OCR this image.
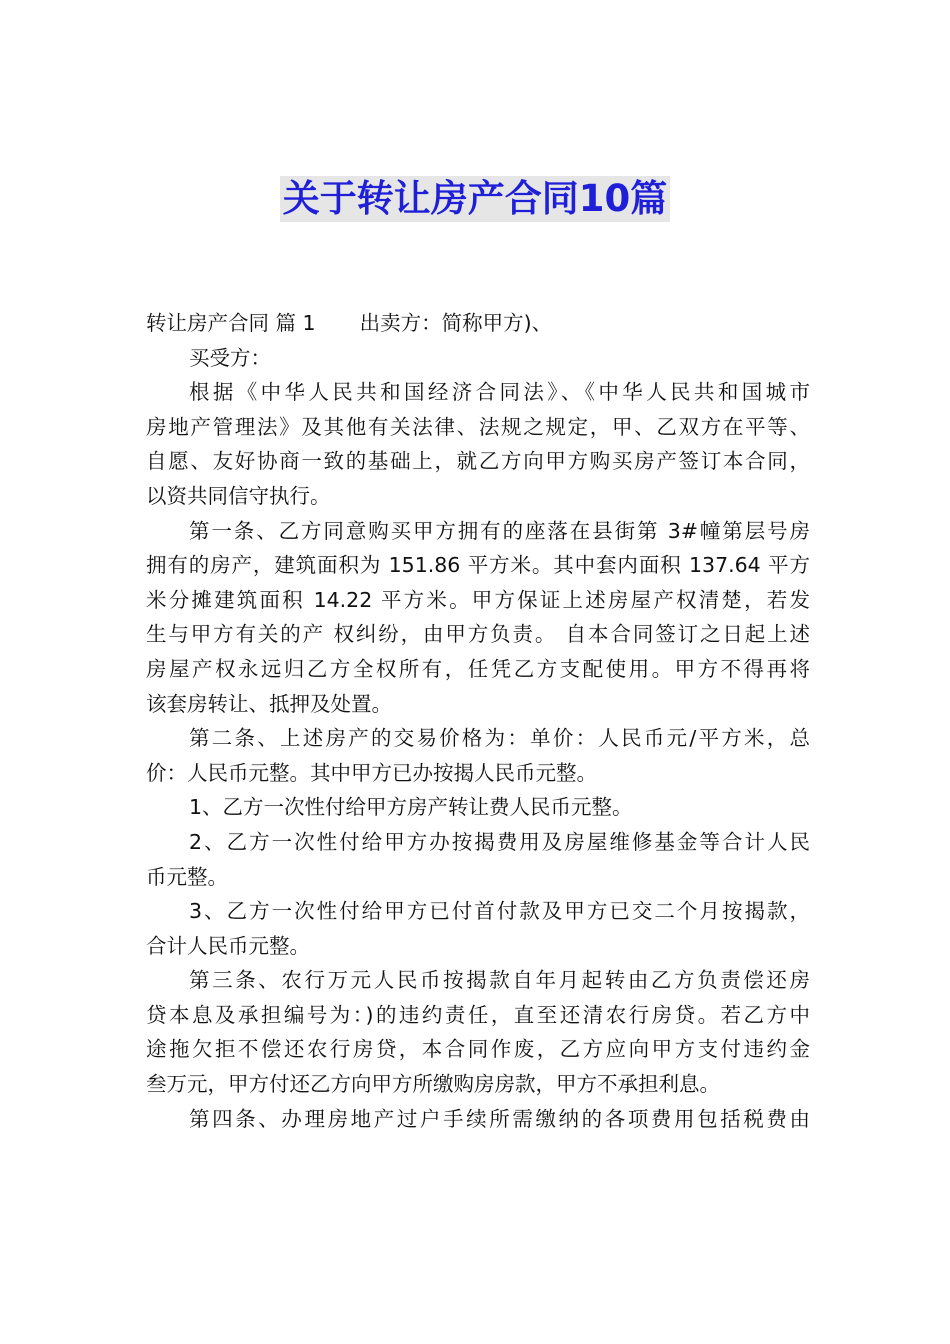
关于转让房产合同10篇
转让房产合同 篇 1 出卖方：简称甲方)、
买受方：
根据《中华人民共和国经济合同法》、《中华人民共和国城市
房地产管理法》及其他有关法律、法规之规定，甲、乙双方在平等、
自愿、友好协商一致的基础上，就乙方向甲方购买房产签订本合同，
以资共同信守执行。
第一条、乙方同意购买甲方拥有的座落在县街第 3#幢第层号房
拥有的房产，建筑面积为 151.86 平方米。其中套内面积 137.64 平方
米分摊建筑面积 14.22 平方米。甲方保证上述房屋产权清楚，若发
生与甲方有关的产 权纠纷，由甲方负责。 自本合同签订之日起上述
房屋产权永远归乙方全权所有，任凭乙方支配使用。甲方不得再将
该套房转让、抵押及处置。
第二条、上述房产的交易价格为：单价：人民币元/平方米，总
价：人民币元整。其中甲方已办按揭人民币元整。
1、乙方一次性付给甲方房产转让费人民币元整。
2、乙方一次性付给甲方办按揭费用及房屋维修基金等合计人民
币元整。
3、乙方一次性付给甲方已付首付款及甲方已交二个月按揭款，
合计人民币元整。
第三条、农行万元人民币按揭款自年月起转由乙方负责偿还房
贷本息及承担编号为：)的违约责任，直至还清农行房贷。若乙方中
途拖欠拒不偿还农行房贷，本合同作废，乙方应向甲方支付违约金
叁万元，甲方付还乙方向甲方所缴购房房款，甲方不承担利息。
第四条、办理房地产过户手续所需缴纳的各项费用包括税费由
